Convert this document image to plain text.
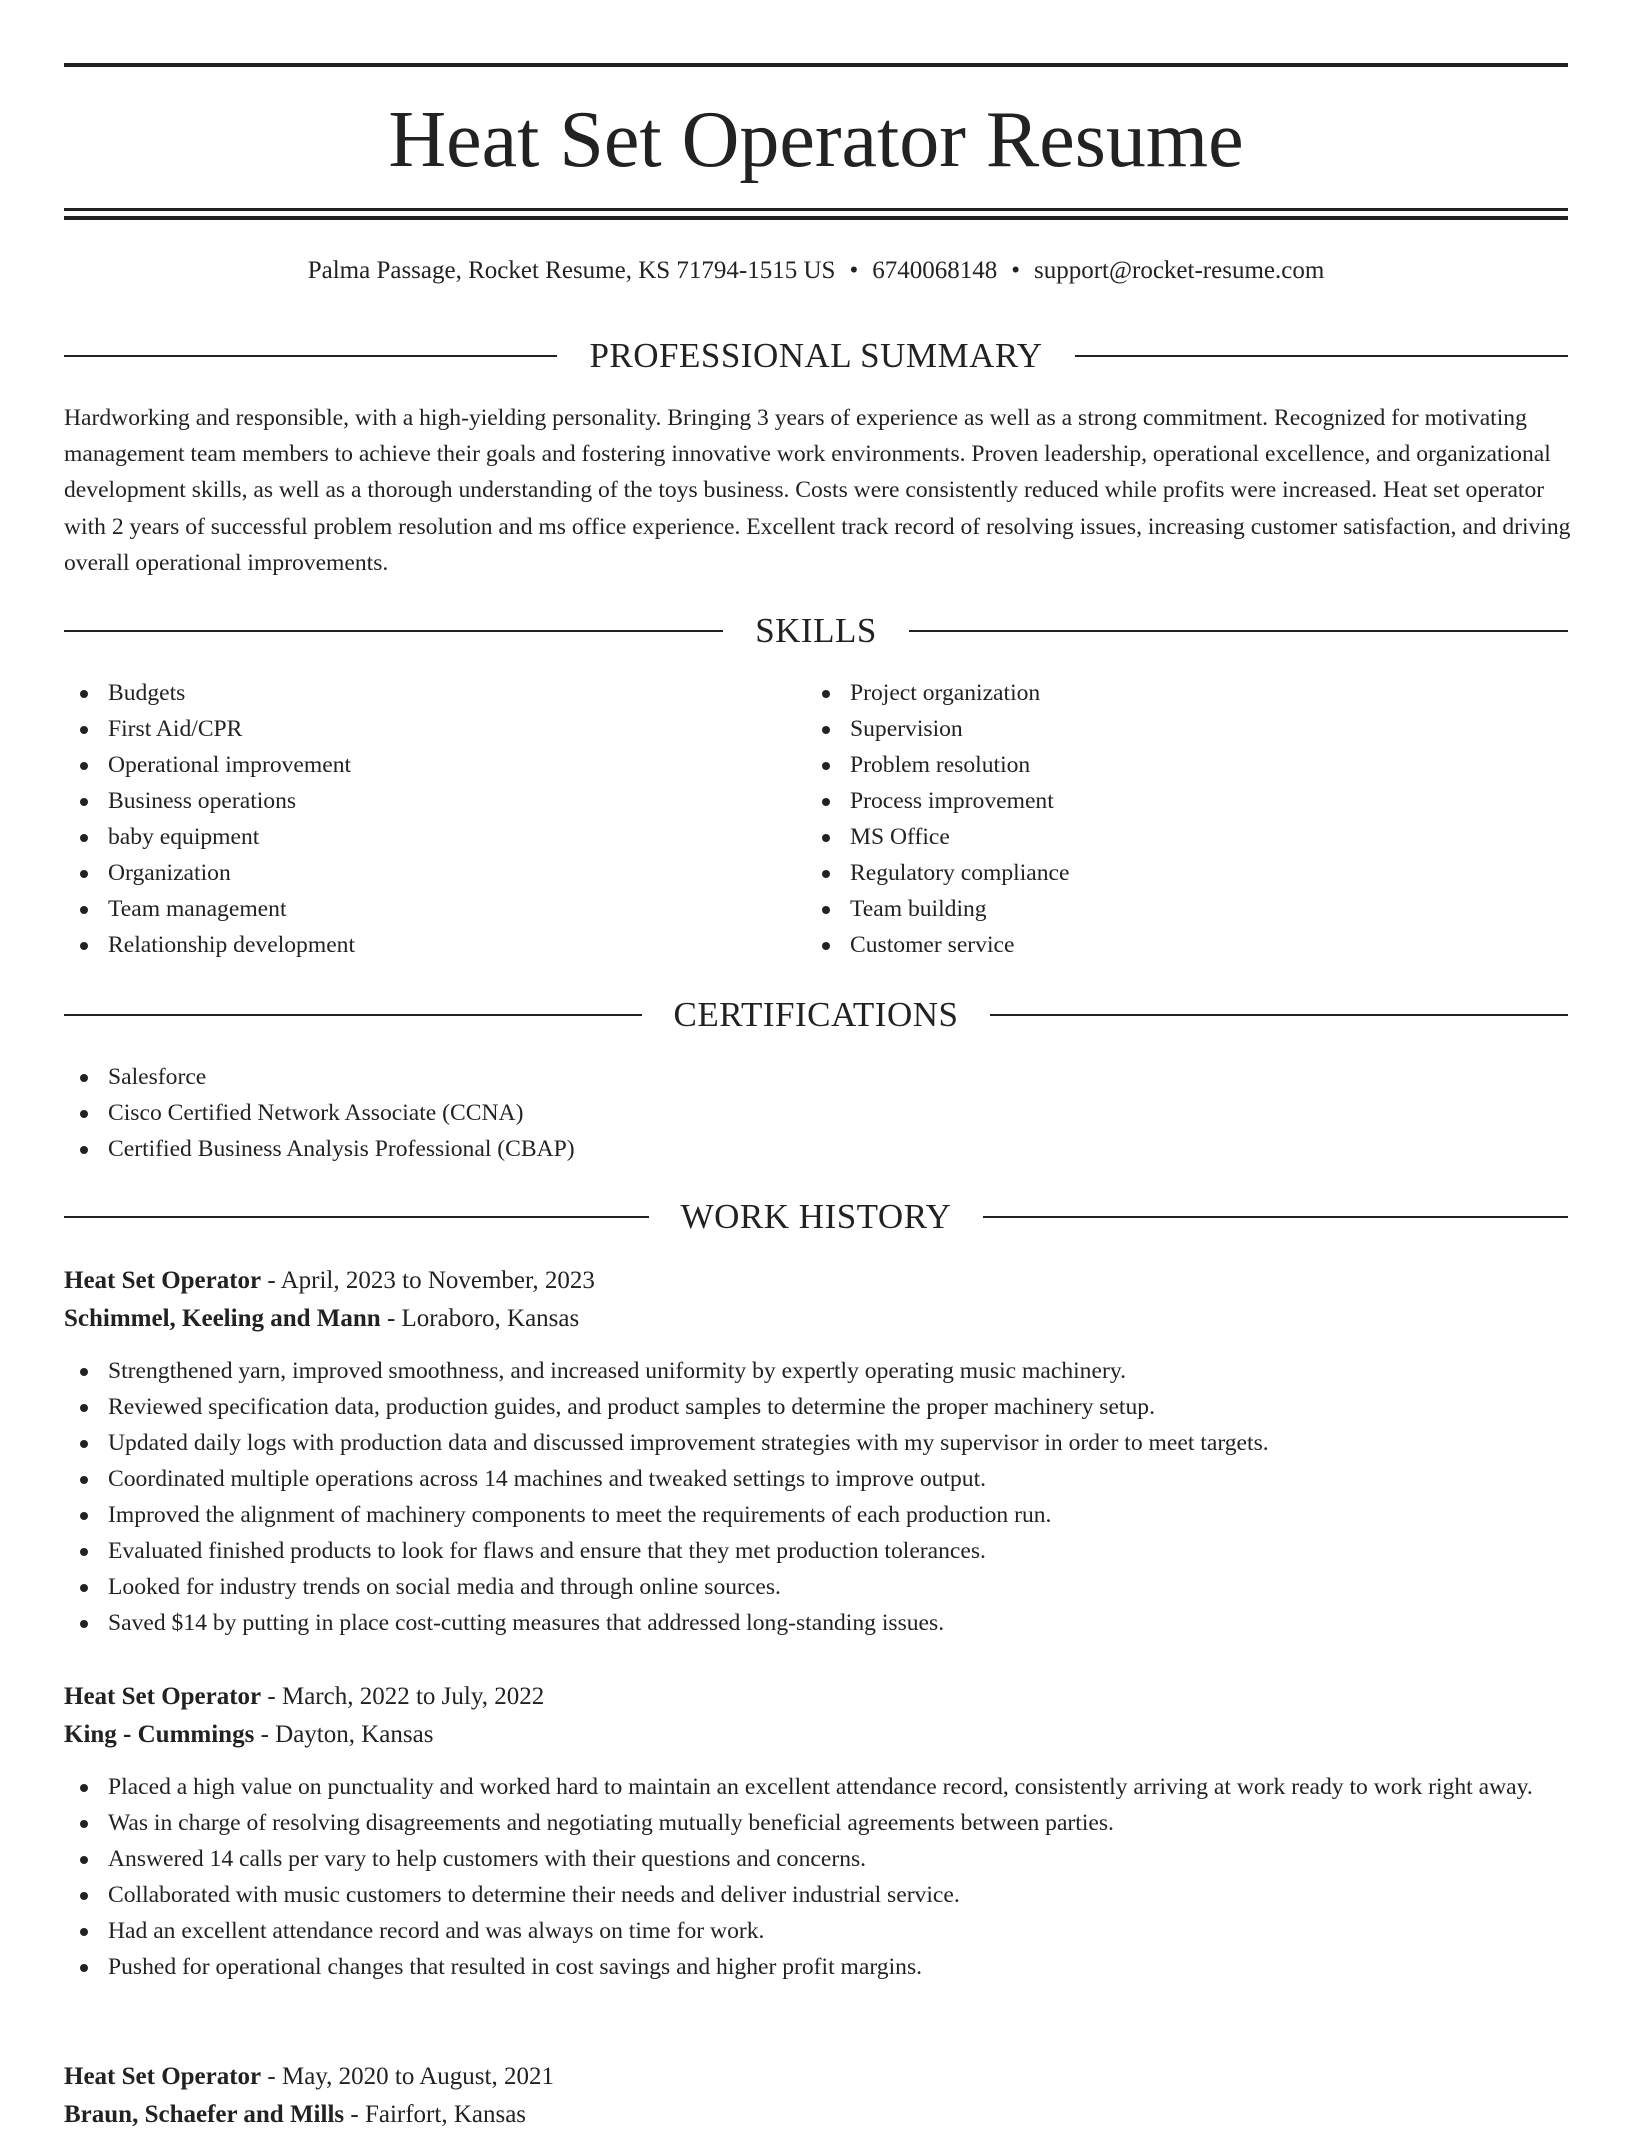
Heat Set Operator Resume
Palma Passage, Rocket Resume, KS 71794-1515 US • 6740068148 • support@rocket-resume.com
PROFESSIONAL SUMMARY

Hardworking and responsible, with a high-yielding personality. Bringing 3 years of experience as well as a strong commitment. Recognized for motivating management team members to achieve their goals and fostering innovative work environments. Proven leadership, operational excellence, and organizational development skills, as well as a thorough understanding of the toys business. Costs were consistently reduced while profits were increased. Heat set operator with 2 years of successful problem resolution and ms office experience. Excellent track record of resolving issues, increasing customer satisfaction, and driving overall operational improvements.

SKILLS
Budgets
First Aid/CPR
Operational improvement
Business operations
baby equipment
Organization
Team management
Relationship development
Project organization
Supervision
Problem resolution
Process improvement
MS Office
Regulatory compliance
Team building
Customer service
CERTIFICATIONS
Salesforce
Cisco Certified Network Associate (CCNA)
Certified Business Analysis Professional (CBAP)
WORK HISTORY
Heat Set Operator - April, 2023 to November, 2023
Schimmel, Keeling and Mann - Loraboro, Kansas
Strengthened yarn, improved smoothness, and increased uniformity by expertly operating music machinery.
Reviewed specification data, production guides, and product samples to determine the proper machinery setup.
Updated daily logs with production data and discussed improvement strategies with my supervisor in order to meet targets.
Coordinated multiple operations across 14 machines and tweaked settings to improve output.
Improved the alignment of machinery components to meet the requirements of each production run.
Evaluated finished products to look for flaws and ensure that they met production tolerances.
Looked for industry trends on social media and through online sources.
Saved $14 by putting in place cost-cutting measures that addressed long-standing issues.
Heat Set Operator - March, 2022 to July, 2022
King - Cummings - Dayton, Kansas
Placed a high value on punctuality and worked hard to maintain an excellent attendance record, consistently arriving at work ready to work right away.
Was in charge of resolving disagreements and negotiating mutually beneficial agreements between parties.
Answered 14 calls per vary to help customers with their questions and concerns.
Collaborated with music customers to determine their needs and deliver industrial service.
Had an excellent attendance record and was always on time for work.
Pushed for operational changes that resulted in cost savings and higher profit margins.
Heat Set Operator - May, 2020 to August, 2021
Braun, Schaefer and Mills - Fairfort, Kansas
